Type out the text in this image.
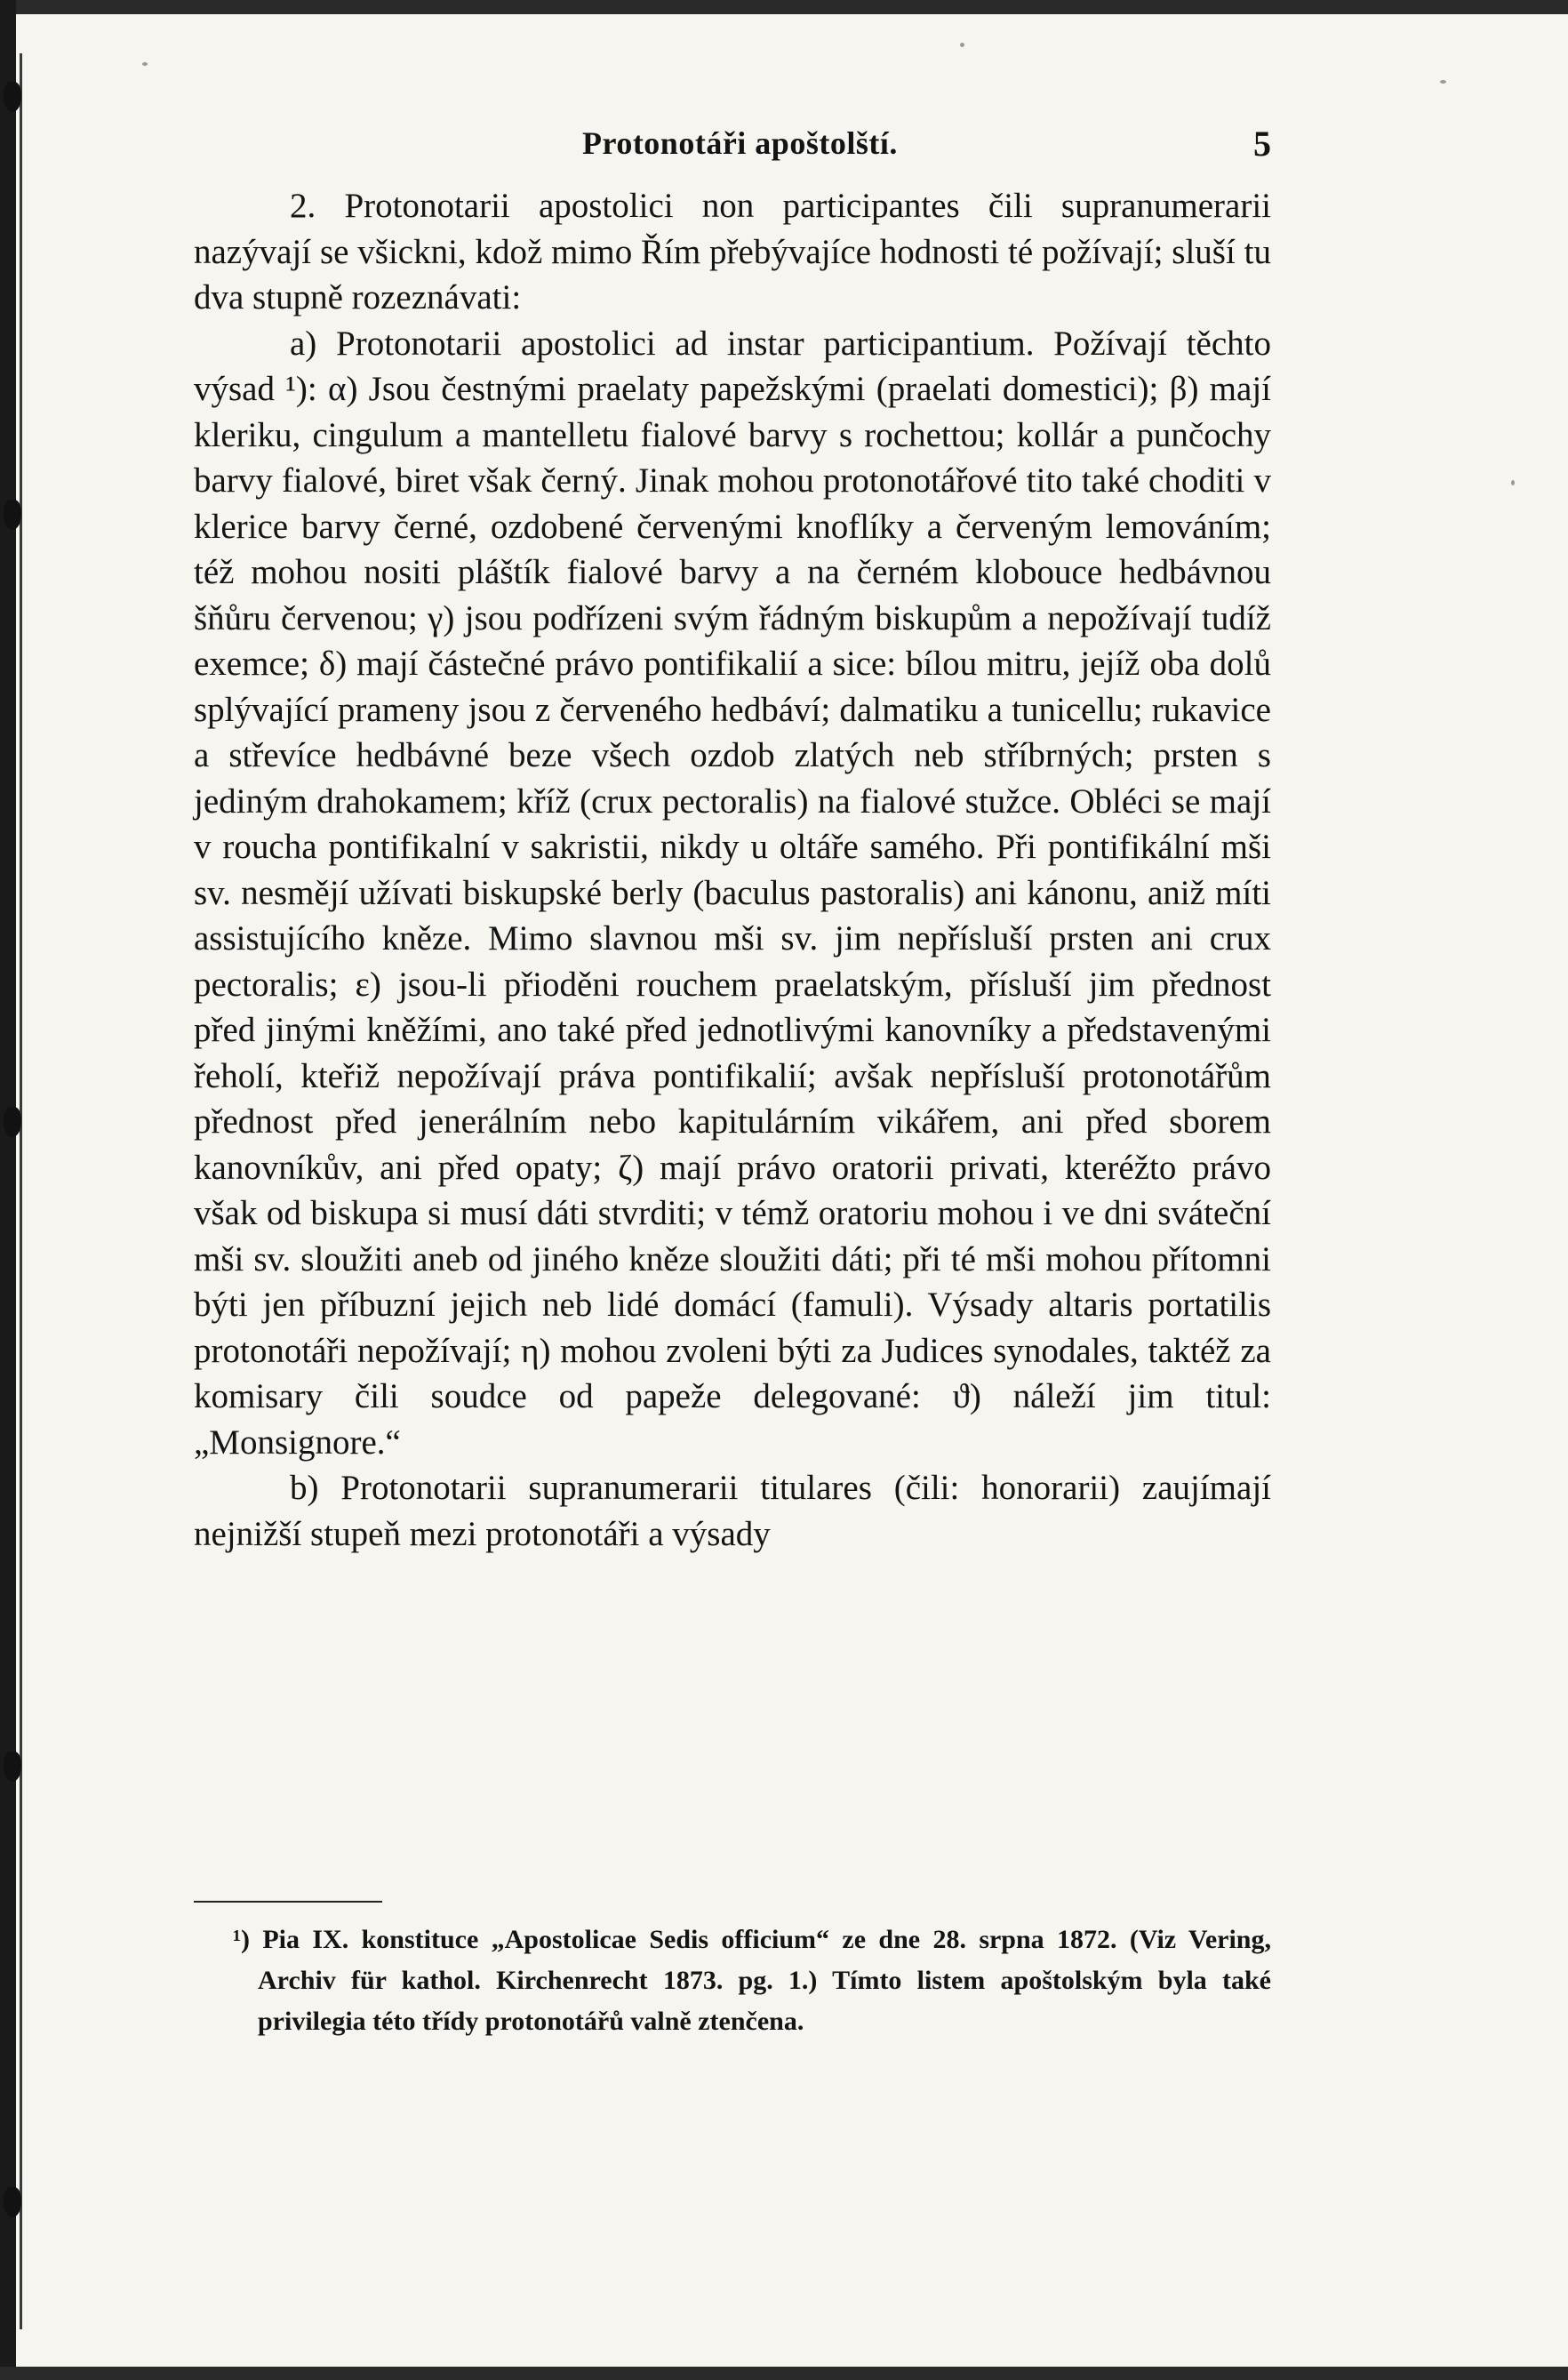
Protonotáři apoštolští.	5

2. Protonotarii apostolici non participantes čili supranumerarii nazývají se všickni, kdož mimo Řím přebývajíce hodnosti té požívají; sluší tu dva stupně rozeznávati:

a) Protonotarii apostolici ad instar participantium. Požívají těchto výsad ¹): α) Jsou čestnými praelaty papežskými (praelati domestici); β) mají kleriku, cingulum a mantelletu fialové barvy s rochettou; kollár a punčochy barvy fialové, biret však černý. Jinak mohou protonotářové tito také choditi v klerice barvy černé, ozdobené červenými knoflíky a červeným lemováním; též mohou nositi pláštík fialové barvy a na černém klobouce hedbávnou šňůru červenou; γ) jsou podřízeni svým řádným biskupům a nepožívají tudíž exemce; δ) mají částečné právo pontifikalií a sice: bílou mitru, jejíž oba dolů splývající prameny jsou z červeného hedbáví; dalmatiku a tunicellu; rukavice a střevíce hedbávné beze všech ozdob zlatých neb stříbrných; prsten s jediným drahokamem; kříž (crux pectoralis) na fialové stužce. Obléci se mají v roucha pontifikalní v sakristii, nikdy u oltáře samého. Při pontifikální mši sv. nesmějí užívati biskupské berly (baculus pastoralis) ani kánonu, aniž míti assistujícího kněze. Mimo slavnou mši sv. jim nepřísluší prsten ani crux pectoralis; ε) jsou-li přioděni rouchem praelatským, přísluší jim přednost před jinými kněžími, ano také před jednotlivými kanovníky a představenými řeholí, kteřiž nepožívají práva pontifikalií; avšak nepřísluší protonotářům přednost před jenerálním nebo kapitulárním vikářem, ani před sborem kanovníkův, ani před opaty; ζ) mají právo oratorii privati, kteréžto právo však od biskupa si musí dáti stvrditi; v témž oratoriu mohou i ve dni sváteční mši sv. sloužiti aneb od jiného kněze sloužiti dáti; při té mši mohou přítomni býti jen příbuzní jejich neb lidé domácí (famuli). Výsady altaris portatilis protonotáři nepožívají; η) mohou zvoleni býti za Judices synodales, taktéž za komisary čili soudce od papeže delegované: ϑ) náleží jim titul: „Monsignore.“

b) Protonotarii supranumerarii titulares (čili: honorarii) zaujímají nejnižší stupeň mezi protonotáři a výsady

¹) Pia IX. konstituce „Apostolicae Sedis officium“ ze dne 28. srpna 1872. (Viz Vering, Archiv für kathol. Kirchenrecht 1873. pg. 1.) Tímto listem apoštolským byla také privilegia této třídy protonotářů valně ztenčena.
